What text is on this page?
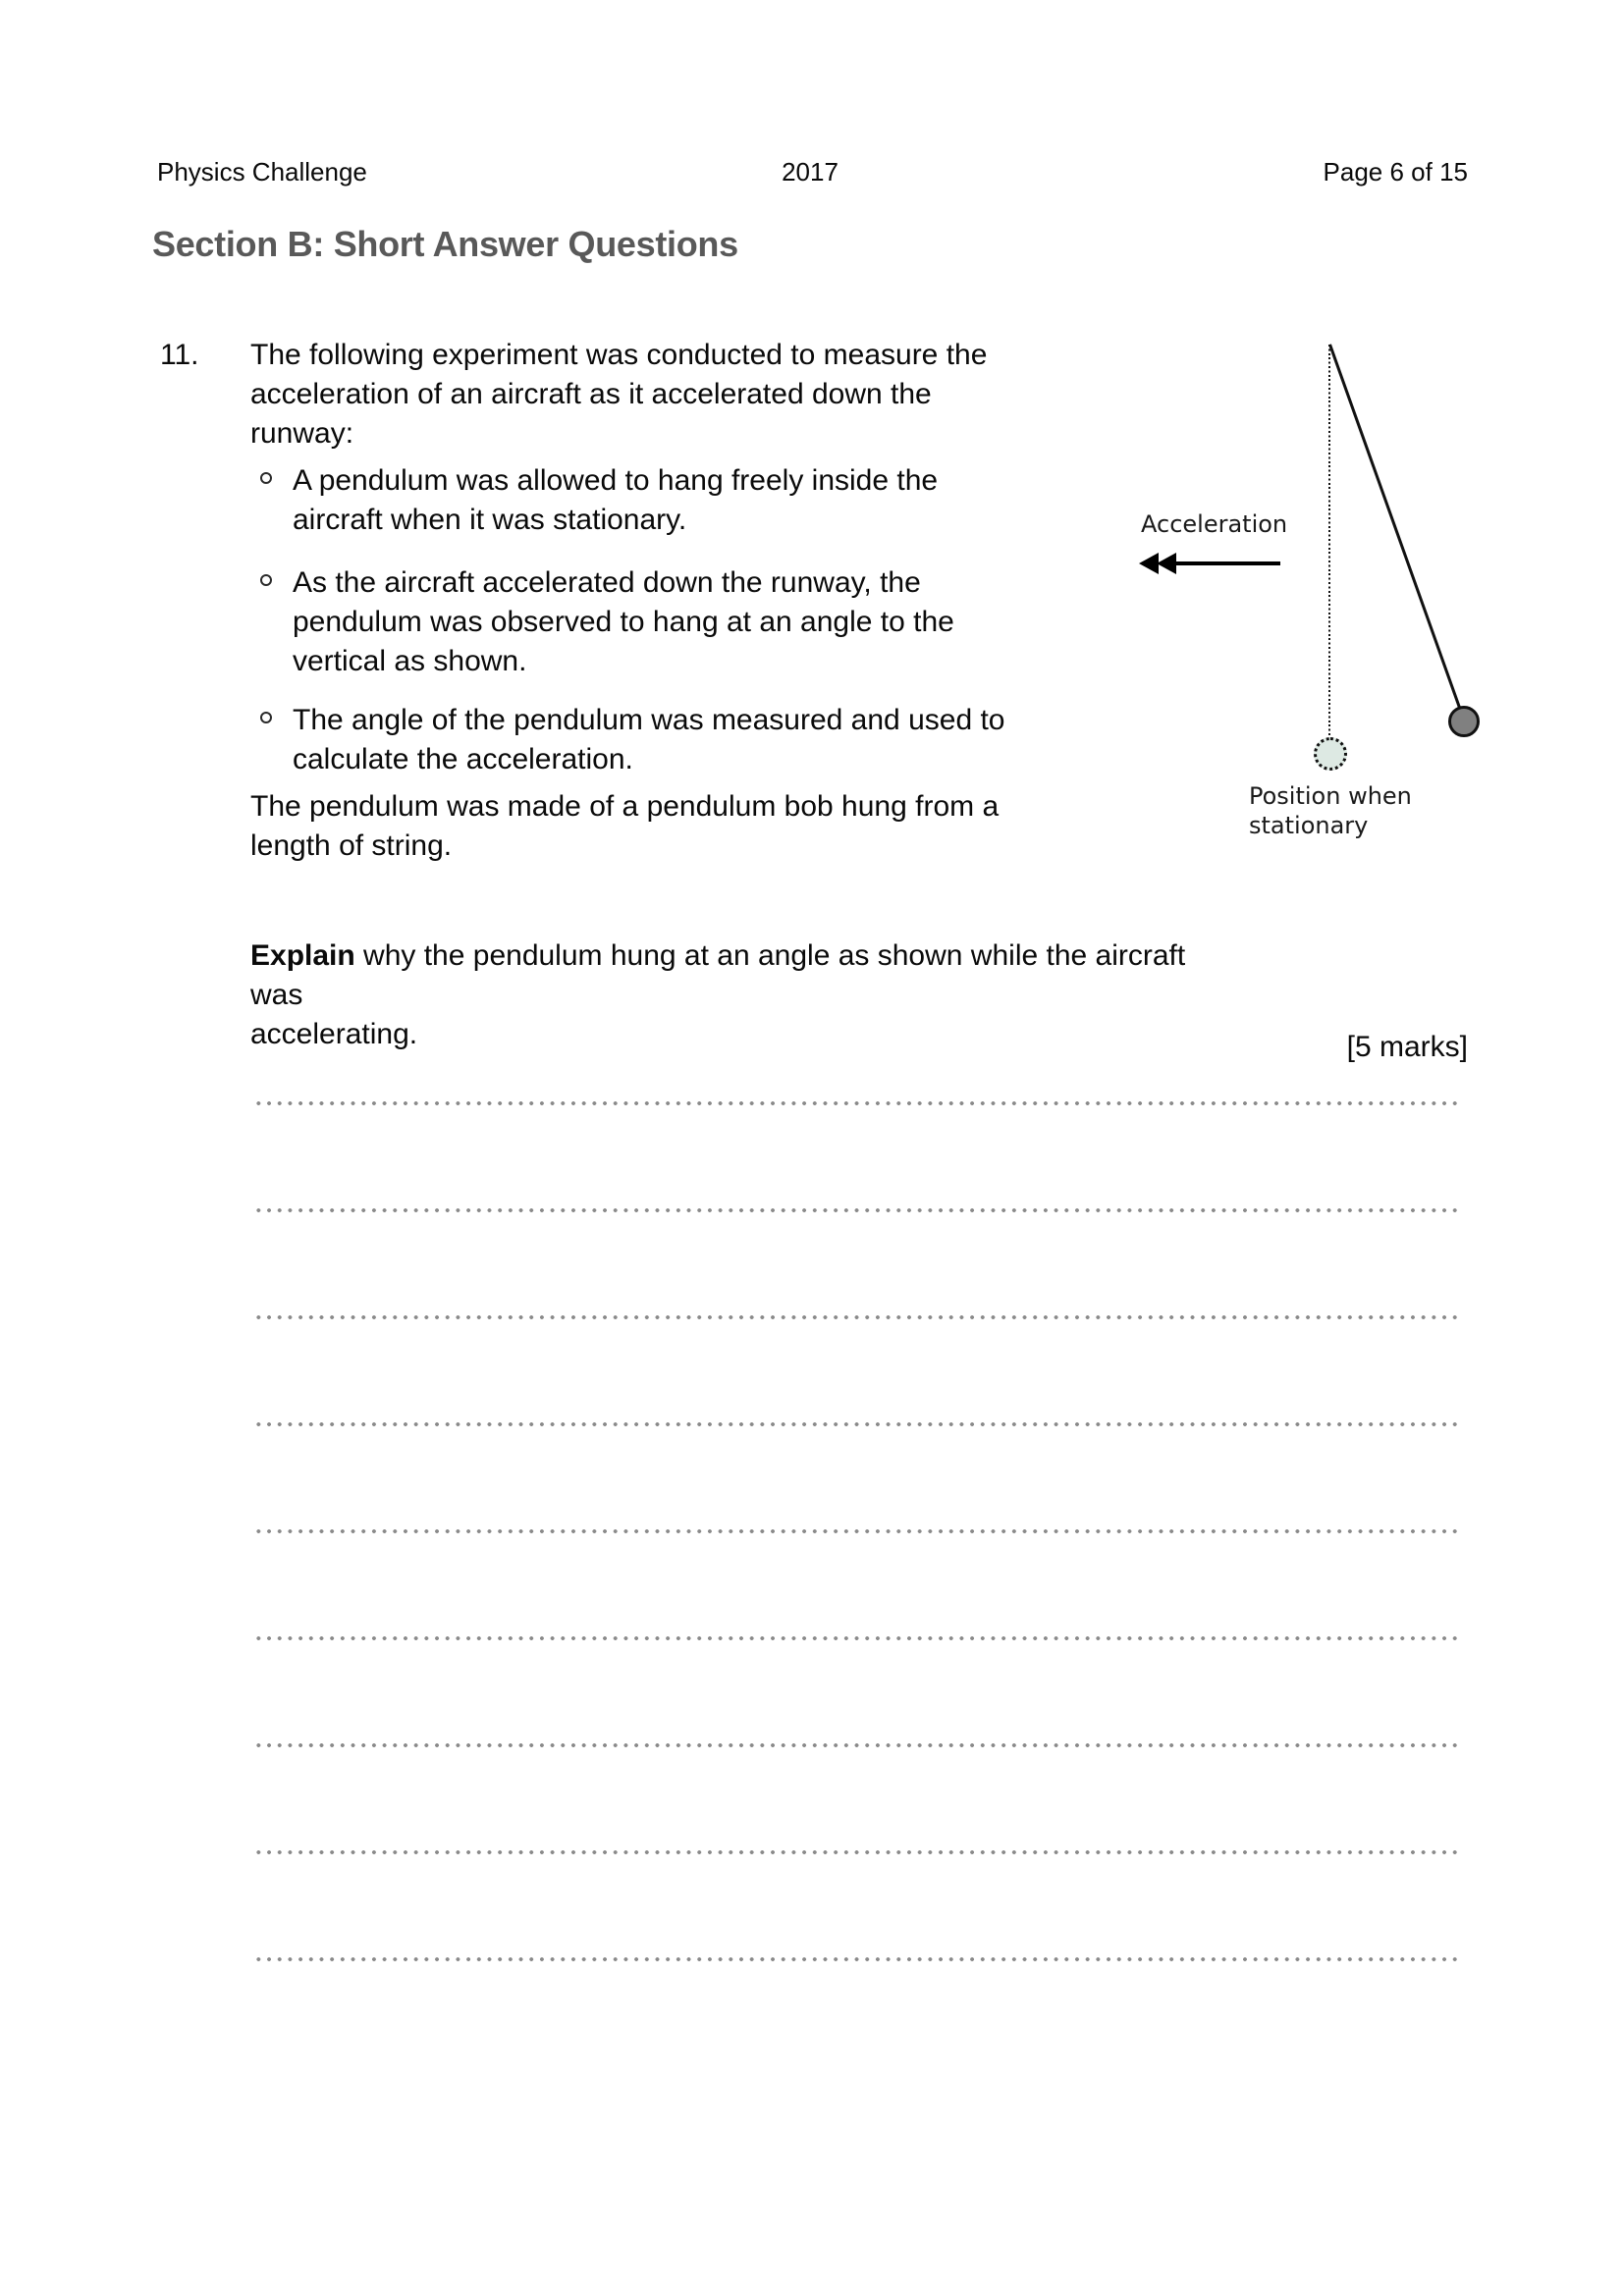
Physics Challenge	2017	Page 6 of 15
Section B: Short Answer Questions
11. The following experiment was conducted to measure the
acceleration of an aircraft as it accelerated down the
runway:
A pendulum was allowed to hang freely inside the
aircraft when it was stationary.
As the aircraft accelerated down the runway, the
pendulum was observed to hang at an angle to the
vertical as shown.
The angle of the pendulum was measured and used to
calculate the acceleration.
The pendulum was made of a pendulum bob hung from a
length of string.
Acceleration
Position when
stationary
Explain why the pendulum hung at an angle as shown while the aircraft was
accelerating.	[5 marks]
